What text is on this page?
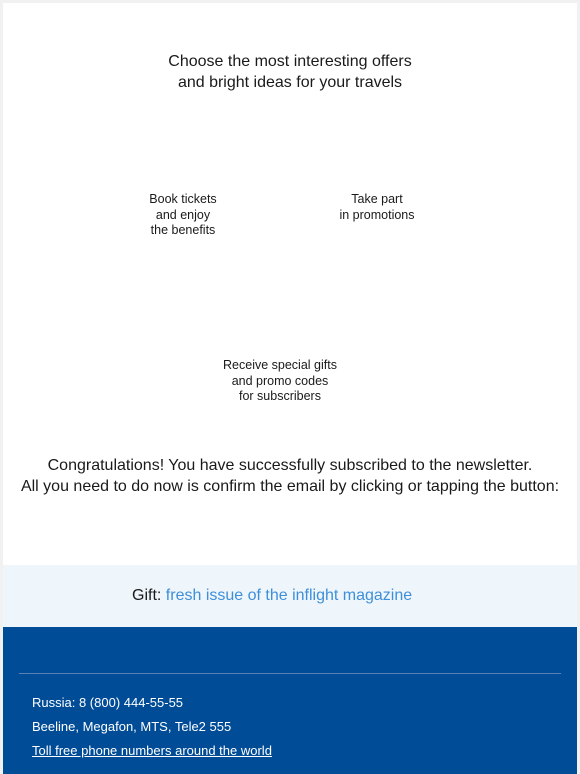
Choose the most interesting offers
and bright ideas for your travels
Book tickets
and enjoy
the benefits
Take part
in promotions
Receive special gifts
and promo codes
for subscribers
Congratulations! You have successfully subscribed to the newsletter.
All you need to do now is confirm the email by clicking or tapping the button:
Gift: fresh issue of the inflight magazine
Russia: 8 (800) 444-55-55
Beeline, Megafon, MTS, Tele2 555
Toll free phone numbers around the world
